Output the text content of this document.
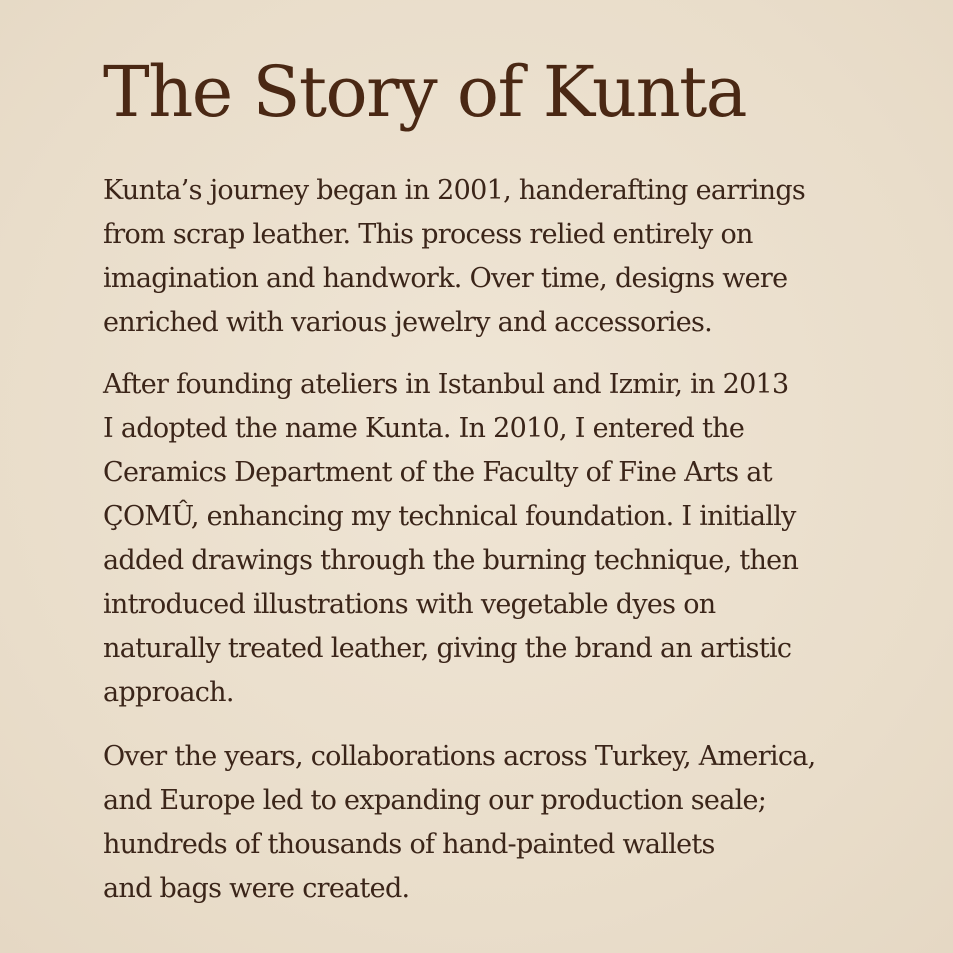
The Story of Kunta

Kunta’s journey began in 2001, handerafting earrings
from scrap leather. This process relied entirely on
imagination and handwork. Over time, designs were
enriched with various jewelry and accessories.

After founding ateliers in Istanbul and Izmir, in 2013
I adopted the name Kunta. In 2010, I entered the
Ceramics Department of the Faculty of Fine Arts at
ÇOMÛ, enhancing my technical foundation. I initially
added drawings through the burning technique, then
introduced illustrations with vegetable dyes on
naturally treated leather, giving the brand an artistic
approach.

Over the years, collaborations across Turkey, America,
and Europe led to expanding our production seale;
hundreds of thousands of hand-painted wallets
and bags were created.
